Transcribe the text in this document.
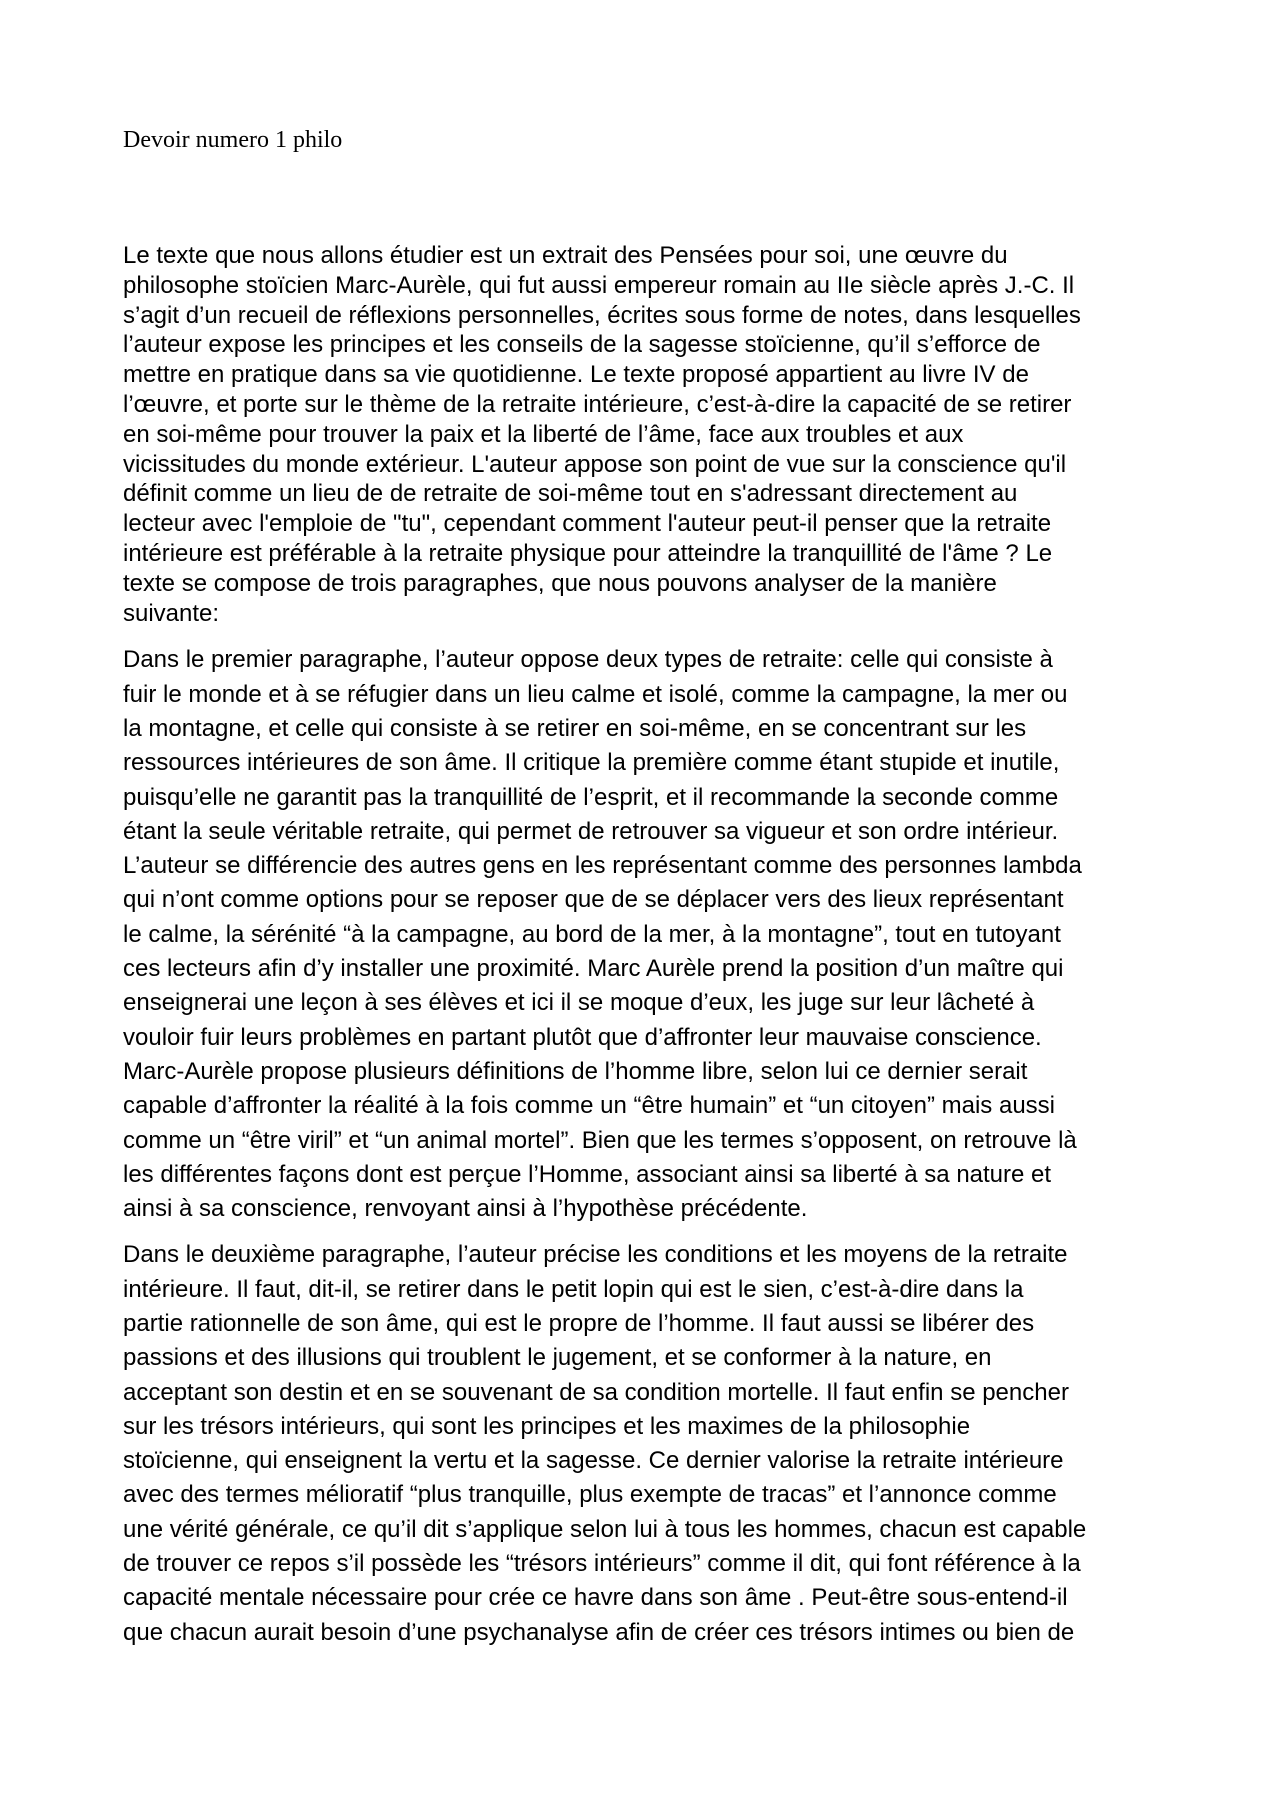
Devoir numero 1 philo

Le texte que nous allons étudier est un extrait des Pensées pour soi, une œuvre du
philosophe stoïcien Marc-Aurèle, qui fut aussi empereur romain au IIe siècle après J.-C. Il
s’agit d’un recueil de réflexions personnelles, écrites sous forme de notes, dans lesquelles
l’auteur expose les principes et les conseils de la sagesse stoïcienne, qu’il s’efforce de
mettre en pratique dans sa vie quotidienne. Le texte proposé appartient au livre IV de
l’œuvre, et porte sur le thème de la retraite intérieure, c’est-à-dire la capacité de se retirer
en soi-même pour trouver la paix et la liberté de l’âme, face aux troubles et aux
vicissitudes du monde extérieur. L'auteur appose son point de vue sur la conscience qu'il
définit comme un lieu de de retraite de soi-même tout en s'adressant directement au
lecteur avec l'emploie de "tu", cependant comment l'auteur peut-il penser que la retraite
intérieure est préférable à la retraite physique pour atteindre la tranquillité de l'âme ? Le
texte se compose de trois paragraphes, que nous pouvons analyser de la manière
suivante:

Dans le premier paragraphe, l’auteur oppose deux types de retraite: celle qui consiste à
fuir le monde et à se réfugier dans un lieu calme et isolé, comme la campagne, la mer ou
la montagne, et celle qui consiste à se retirer en soi-même, en se concentrant sur les
ressources intérieures de son âme. Il critique la première comme étant stupide et inutile,
puisqu’elle ne garantit pas la tranquillité de l’esprit, et il recommande la seconde comme
étant la seule véritable retraite, qui permet de retrouver sa vigueur et son ordre intérieur.
L’auteur se différencie des autres gens en les représentant comme des personnes lambda
qui n’ont comme options pour se reposer que de se déplacer vers des lieux représentant
le calme, la sérénité “à la campagne, au bord de la mer, à la montagne”, tout en tutoyant
ces lecteurs afin d’y installer une proximité. Marc Aurèle prend la position d’un maître qui
enseignerai une leçon à ses élèves et ici il se moque d’eux, les juge sur leur lâcheté à
vouloir fuir leurs problèmes en partant plutôt que d’affronter leur mauvaise conscience.
Marc-Aurèle propose plusieurs définitions de l’homme libre, selon lui ce dernier serait
capable d’affronter la réalité à la fois comme un “être humain” et “un citoyen” mais aussi
comme un “être viril” et “un animal mortel”. Bien que les termes s’opposent, on retrouve là
les différentes façons dont est perçue l’Homme, associant ainsi sa liberté à sa nature et
ainsi à sa conscience, renvoyant ainsi à l’hypothèse précédente.

Dans le deuxième paragraphe, l’auteur précise les conditions et les moyens de la retraite
intérieure. Il faut, dit-il, se retirer dans le petit lopin qui est le sien, c’est-à-dire dans la
partie rationnelle de son âme, qui est le propre de l’homme. Il faut aussi se libérer des
passions et des illusions qui troublent le jugement, et se conformer à la nature, en
acceptant son destin et en se souvenant de sa condition mortelle. Il faut enfin se pencher
sur les trésors intérieurs, qui sont les principes et les maximes de la philosophie
stoïcienne, qui enseignent la vertu et la sagesse. Ce dernier valorise la retraite intérieure
avec des termes mélioratif “plus tranquille, plus exempte de tracas” et l’annonce comme
une vérité générale, ce qu’il dit s’applique selon lui à tous les hommes, chacun est capable
de trouver ce repos s’il possède les “trésors intérieurs” comme il dit, qui font référence à la
capacité mentale nécessaire pour crée ce havre dans son âme . Peut-être sous-entend-il
que chacun aurait besoin d’une psychanalyse afin de créer ces trésors intimes ou bien de
